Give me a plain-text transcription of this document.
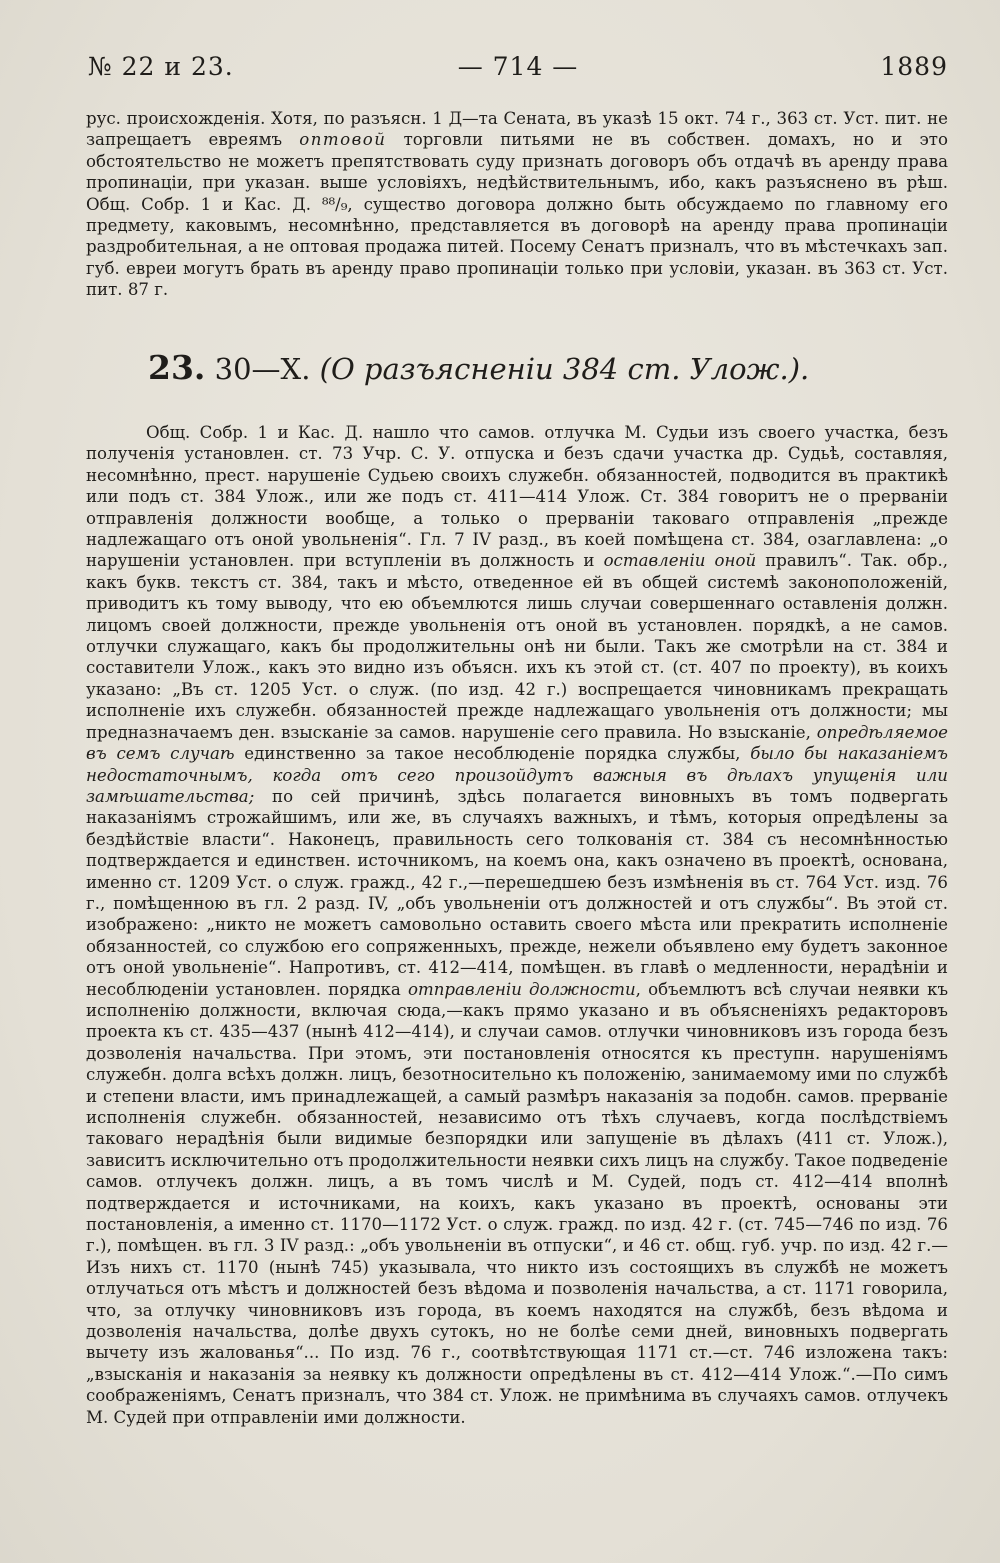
№ 22 и 23.	— 714 —	1889

рус. происхожденія. Хотя, по разъясн. 1 Д—та Сената, въ указѣ 15 окт. 74 г., 363 ст. Уст. пит. не запрещаетъ евреямъ оптовой торговли питьями не въ собствен. домахъ, но и это обстоятельство не можетъ препятствовать суду признать договоръ объ отдачѣ въ аренду права пропинаціи, при указан. выше условіяхъ, недѣйствительнымъ, ибо, какъ разъяснено въ рѣш. Общ. Собр. 1 и Кас. Д. ⁸⁸/₉, существо договора должно быть обсуждаемо по главному его предмету, каковымъ, несомнѣнно, представляется въ договорѣ на аренду права пропинаціи раздробительная, а не оптовая продажа питей. Посему Сенатъ призналъ, что въ мѣстечкахъ зап. губ. евреи могутъ брать въ аренду право пропинаціи только при условіи, указан. въ 363 ст. Уст. пит. 87 г.

23. 30—X. (О разъясненіи 384 ст. Улож.).

Общ. Собр. 1 и Кас. Д. нашло что самов. отлучка М. Судьи изъ своего участка, безъ полученія установлен. ст. 73 Учр. С. У. отпуска и безъ сдачи участка др. Судьѣ, составляя, несомнѣнно, прест. нарушеніе Судьею своихъ служебн. обязанностей, подводится въ практикѣ или подъ ст. 384 Улож., или же подъ ст. 411—414 Улож. Ст. 384 говоритъ не о прерваніи отправленія должности вообще, а только о прерваніи таковаго отправленія „прежде надлежащаго отъ оной увольненія“. Гл. 7 IV разд., въ коей помѣщена ст. 384, озаглавлена: „о нарушеніи установлен. при вступленіи въ должность и оставленіи оной правилъ“. Так. обр., какъ букв. текстъ ст. 384, такъ и мѣсто, отведенное ей въ общей системѣ законоположеній, приводитъ къ тому выводу, что ею объемлются лишь случаи совершеннаго оставленія должн. лицомъ своей должности, прежде увольненія отъ оной въ установлен. порядкѣ, а не самов. отлучки служащаго, какъ бы продолжительны онѣ ни были. Такъ же смотрѣли на ст. 384 и составители Улож., какъ это видно изъ объясн. ихъ къ этой ст. (ст. 407 по проекту), въ коихъ указано: „Въ ст. 1205 Уст. о служ. (по изд. 42 г.) воспрещается чиновникамъ прекращать исполненіе ихъ служебн. обязанностей прежде надлежащаго увольненія отъ должности; мы предназначаемъ ден. взысканіе за самов. нарушеніе сего правила. Но взысканіе, опредѣляемое въ семъ случаѣ единственно за такое несоблюденіе порядка службы, было бы наказаніемъ недостаточнымъ, когда отъ сего произойдутъ важныя въ дѣлахъ упущенія или замѣшательства; по сей причинѣ, здѣсь полагается виновныхъ въ томъ подвергать наказаніямъ строжайшимъ, или же, въ случаяхъ важныхъ, и тѣмъ, которыя опредѣлены за бездѣйствіе власти“. Наконецъ, правильность сего толкованія ст. 384 съ несомнѣнностью подтверждается и единствен. источникомъ, на коемъ она, какъ означено въ проектѣ, основана, именно ст. 1209 Уст. о служ. гражд., 42 г.,—перешедшею безъ измѣненія въ ст. 764 Уст. изд. 76 г., помѣщенною въ гл. 2 разд. IV, „объ увольненіи отъ должностей и отъ службы“. Въ этой ст. изображено: „никто не можетъ самовольно оставить своего мѣста или прекратить исполненіе обязанностей, со службою его сопряженныхъ, прежде, нежели объявлено ему будетъ законное отъ оной увольненіе“. Напротивъ, ст. 412—414, помѣщен. въ главѣ о медленности, нерадѣніи и несоблюденіи установлен. порядка отправленіи должности, объемлютъ всѣ случаи неявки къ исполненію должности, включая сюда,—какъ прямо указано и въ объясненіяхъ редакторовъ проекта къ ст. 435—437 (нынѣ 412—414), и случаи самов. отлучки чиновниковъ изъ города безъ дозволенія начальства. При этомъ, эти постановленія относятся къ преступн. нарушеніямъ служебн. долга всѣхъ должн. лицъ, безотносительно къ положенію, занимаемому ими по службѣ и степени власти, имъ принадлежащей, а самый размѣръ наказанія за подобн. самов. прерваніе исполненія служебн. обязанностей, независимо отъ тѣхъ случаевъ, когда послѣдствіемъ таковаго нерадѣнія были видимые безпорядки или запущеніе въ дѣлахъ (411 ст. Улож.), зависитъ исключительно отъ продолжительности неявки сихъ лицъ на службу. Такое подведеніе самов. отлучекъ должн. лицъ, а въ томъ числѣ и М. Судей, подъ ст. 412—414 вполнѣ подтверждается и источниками, на коихъ, какъ указано въ проектѣ, основаны эти постановленія, а именно ст. 1170—1172 Уст. о служ. гражд. по изд. 42 г. (ст. 745—746 по изд. 76 г.), помѣщен. въ гл. 3 IV разд.: „объ увольненіи въ отпуски“, и 46 ст. общ. губ. учр. по изд. 42 г.— Изъ нихъ ст. 1170 (нынѣ 745) указывала, что никто изъ состоящихъ въ службѣ не можетъ отлучаться отъ мѣстъ и должностей безъ вѣдома и позволенія начальства, а ст. 1171 говорила, что, за отлучку чиновниковъ изъ города, въ коемъ находятся на службѣ, безъ вѣдома и дозволенія начальства, долѣе двухъ сутокъ, но не болѣе семи дней, виновныхъ подвергать вычету изъ жалованья“... По изд. 76 г., соотвѣтствующая 1171 ст.—ст. 746 изложена такъ: „взысканія и наказанія за неявку къ должности опредѣлены въ ст. 412—414 Улож.“.—По симъ соображеніямъ, Сенатъ призналъ, что 384 ст. Улож. не примѣнима въ случаяхъ самов. отлучекъ М. Судей при отправленіи ими должности.
